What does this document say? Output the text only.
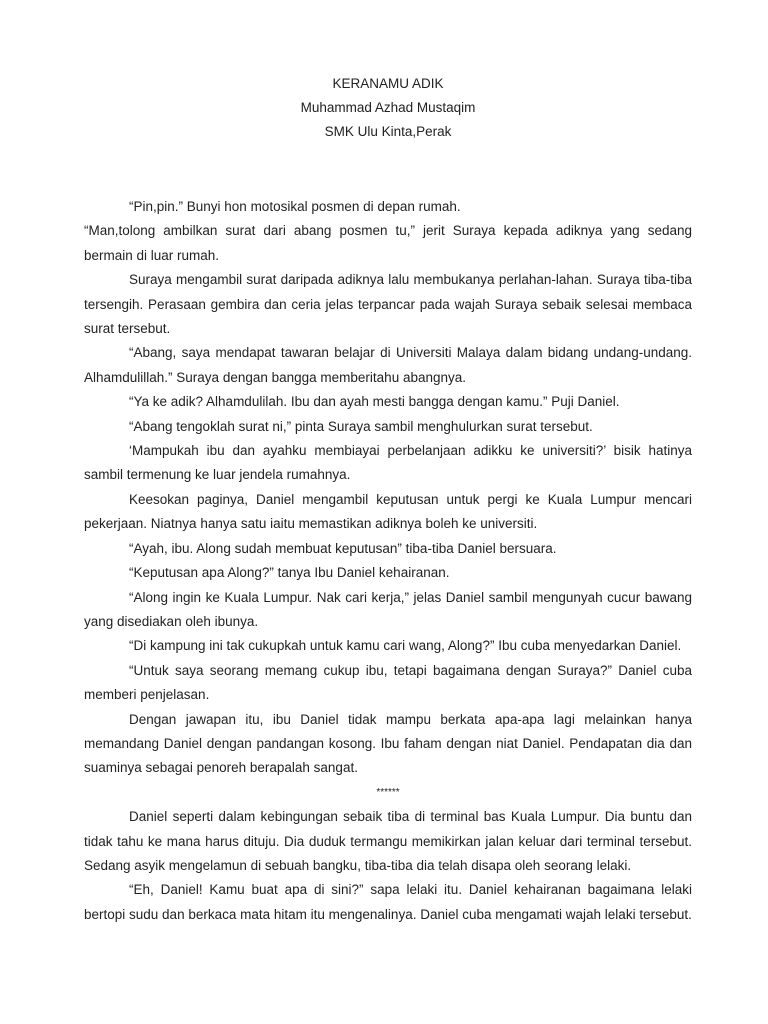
KERANAMU ADIK
Muhammad Azhad Mustaqim
SMK Ulu Kinta,Perak

“Pin,pin.” Bunyi hon motosikal posmen di depan rumah.

“Man,tolong ambilkan surat dari abang posmen tu,” jerit Suraya kepada adiknya yang sedang bermain di luar rumah.

Suraya mengambil surat daripada adiknya lalu membukanya perlahan-lahan. Suraya tiba-tiba tersengih. Perasaan gembira dan ceria jelas terpancar pada wajah Suraya sebaik selesai membaca surat tersebut.

“Abang, saya mendapat tawaran belajar di Universiti Malaya dalam bidang undang-undang. Alhamdulillah.” Suraya dengan bangga memberitahu abangnya.

“Ya ke adik? Alhamdulilah. Ibu dan ayah mesti bangga dengan kamu.” Puji Daniel.

“Abang tengoklah surat ni,” pinta Suraya sambil menghulurkan surat tersebut.

‘Mampukah ibu dan ayahku membiayai perbelanjaan adikku ke universiti?’ bisik hatinya sambil termenung ke luar jendela rumahnya.

Keesokan paginya, Daniel mengambil keputusan untuk pergi ke Kuala Lumpur mencari pekerjaan. Niatnya hanya satu iaitu memastikan adiknya boleh ke universiti.

“Ayah, ibu. Along sudah membuat keputusan” tiba-tiba Daniel bersuara.

“Keputusan apa Along?” tanya Ibu Daniel kehairanan.

“Along ingin ke Kuala Lumpur. Nak cari kerja,” jelas Daniel sambil mengunyah cucur bawang yang disediakan oleh ibunya.

“Di kampung ini tak cukupkah untuk kamu cari wang, Along?” Ibu cuba menyedarkan Daniel.

“Untuk saya seorang memang cukup ibu, tetapi bagaimana dengan Suraya?” Daniel cuba memberi penjelasan.

Dengan jawapan itu, ibu Daniel tidak mampu berkata apa-apa lagi melainkan hanya memandang Daniel dengan pandangan kosong. Ibu faham dengan niat Daniel. Pendapatan dia dan suaminya sebagai penoreh berapalah sangat.

******

Daniel seperti dalam kebingungan sebaik tiba di terminal bas Kuala Lumpur. Dia buntu dan tidak tahu ke mana harus dituju. Dia duduk termangu memikirkan jalan keluar dari terminal tersebut. Sedang asyik mengelamun di sebuah bangku, tiba-tiba dia telah disapa oleh seorang lelaki.

“Eh, Daniel! Kamu buat apa di sini?” sapa lelaki itu. Daniel kehairanan bagaimana lelaki bertopi sudu dan berkaca mata hitam itu mengenalinya. Daniel cuba mengamati wajah lelaki tersebut.
